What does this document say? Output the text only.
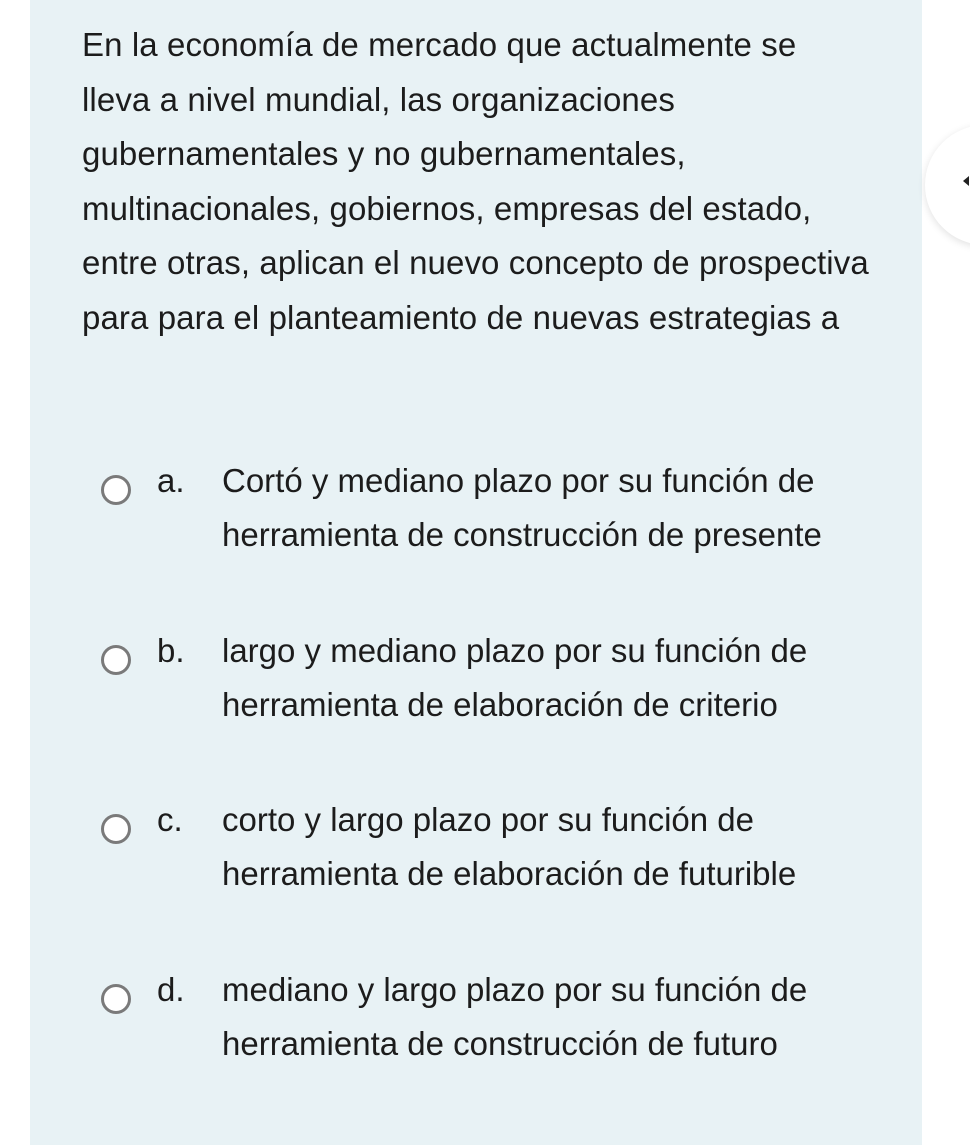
En la economía de mercado que actualmente se lleva a nivel mundial, las organizaciones gubernamentales y no gubernamentales, multinacionales, gobiernos, empresas del estado, entre otras, aplican el nuevo concepto de prospectiva para para el planteamiento de nuevas estrategias a

a. Cortó y mediano plazo por su función de herramienta de construcción de presente
b. largo y mediano plazo por su función de herramienta de elaboración de criterio
c. corto y largo plazo por su función de herramienta de elaboración de futurible
d. mediano y largo plazo por su función de herramienta de construcción de futuro
